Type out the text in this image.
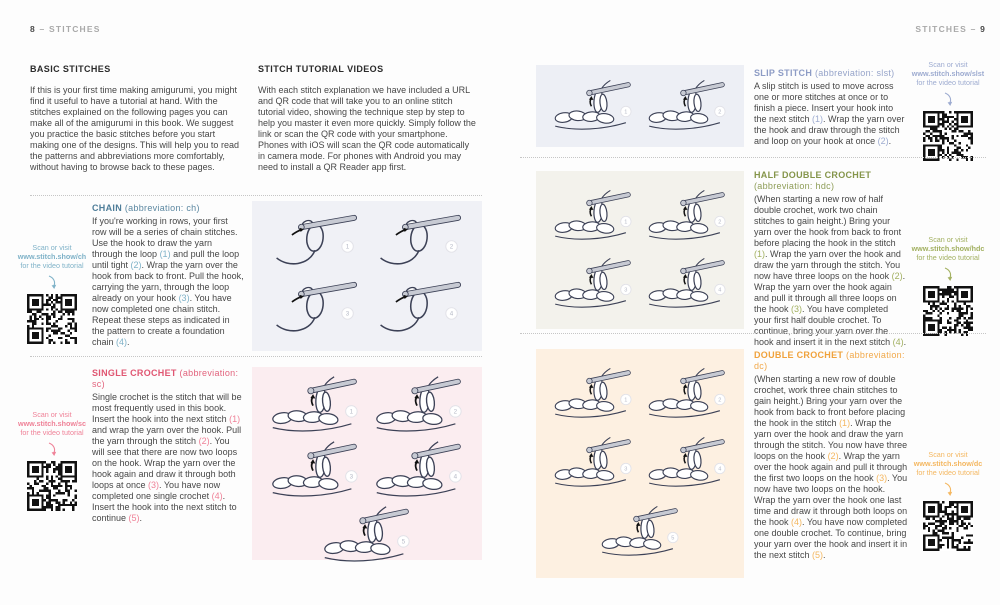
8 – STITCHES
BASIC STITCHES

If this is your first time making amigurumi, you might find it useful to have a tutorial at hand. With the stitches explained on the following pages you can make all of the amigurumi in this book. We suggest you practice the basic stitches before you start making one of the designs. This will help you to read the patterns and abbreviations more comfortably, without having to browse back to these pages.

STITCH TUTORIAL VIDEOS

With each stitch explanation we have included a URL and QR code that will take you to an online stitch tutorial video, showing the technique step by step to help you master it even more quickly. Simply follow the link or scan the QR code with your smartphone. Phones with iOS will scan the QR code automatically in camera mode. For phones with Android you may need to install a QR Reader app first.

CHAIN (abbreviation: ch)

If you're working in rows, your first row will be a series of chain stitches. Use the hook to draw the yarn through the loop (1) and pull the loop until tight (2). Wrap the yarn over the hook from back to front. Pull the hook, carrying the yarn, through the loop already on your hook (3). You have now completed one chain stitch. Repeat these steps as indicated in the pattern to create a foundation chain (4).

Scan or visit
www.stitch.show/ch
for the video tutorial
1	2
3	4

SINGLE CROCHET (abbreviation: sc)

Single crochet is the stitch that will be most frequently used in this book. Insert the hook into the next stitch (1) and wrap the yarn over the hook. Pull the yarn through the stitch (2). You will see that there are now two loops on the hook. Wrap the yarn over the hook again and draw it through both loops at once (3). You have now completed one single crochet (4). Insert the hook into the next stitch to continue (5).

Scan or visit
www.stitch.show/sc
for the video tutorial
1	2
3	4
5
STITCHES – 9
1	2

SLIP STITCH (abbreviation: slst)

A slip stitch is used to move across one or more stitches at once or to finish a piece. Insert your hook into the next stitch (1). Wrap the yarn over the hook and draw through the stitch and loop on your hook at once (2).

Scan or visit
www.stitch.show/slst
for the video tutorial
1	2
3	4

HALF DOUBLE CROCHET (abbreviation: hdc)

(When starting a new row of half double crochet, work two chain stitches to gain height.) Bring your yarn over the hook from back to front before placing the hook in the stitch (1). Wrap the yarn over the hook and draw the yarn through the stitch. You now have three loops on the hook (2). Wrap the yarn over the hook again and pull it through all three loops on the hook (3). You have completed your first half double crochet. To continue, bring your yarn over the hook and insert it in the next stitch (4).

Scan or visit
www.stitch.show/hdc
for the video tutorial
1	2
3	4
5

DOUBLE CROCHET (abbreviation: dc)

(When starting a new row of double crochet, work three chain stitches to gain height.) Bring your yarn over the hook from back to front before placing the hook in the stitch (1). Wrap the yarn over the hook and draw the yarn through the stitch. You now have three loops on the hook (2). Wrap the yarn over the hook again and pull it through the first two loops on the hook (3). You now have two loops on the hook. Wrap the yarn over the hook one last time and draw it through both loops on the hook (4). You have now completed one double crochet. To continue, bring your yarn over the hook and insert it in the next stitch (5).

Scan or visit
www.stitch.show/dc
for the video tutorial
